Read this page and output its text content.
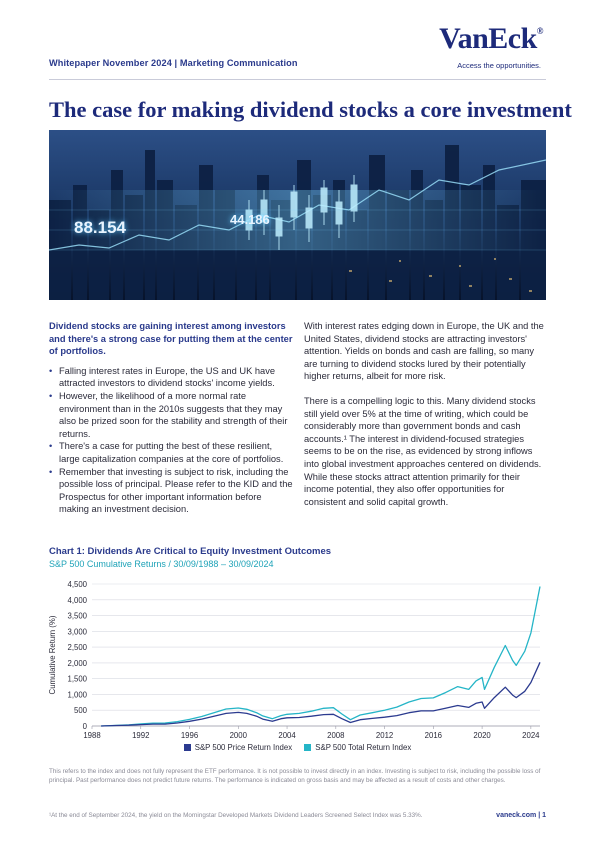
Whitepaper November 2024 | Marketing Communication
VanEck®
Access the opportunities.
The case for making dividend stocks a core investment
88.154	44.186

Dividend stocks are gaining interest among investors and there's a strong case for putting them at the center of portfolios.

• Falling interest rates in Europe, the US and UK have attracted investors to dividend stocks' income yields.
• However, the likelihood of a more normal rate environment than in the 2010s suggests that they may also be prized soon for the stability and strength of their returns.
• There's a case for putting the best of these resilient, large capitalization companies at the core of portfolios.
• Remember that investing is subject to risk, including the possible loss of principal. Please refer to the KID and the Prospectus for other important information before making an investment decision.

With interest rates edging down in Europe, the UK and the United States, dividend stocks are attracting investors' attention. Yields on bonds and cash are falling, so many are turning to dividend stocks lured by their potentially higher returns, albeit for more risk.

There is a compelling logic to this. Many dividend stocks still yield over 5% at the time of writing, which could be considerably more than government bonds and cash accounts.¹ The interest in dividend-focused strategies seems to be on the rise, as evidenced by strong inflows into global investment approaches centered on dividends. While these stocks attract attention primarily for their income potential, they also offer opportunities for consistent and solid capital growth.

Chart 1: Dividends Are Critical to Equity Investment Outcomes
S&P 500 Cumulative Returns / 30/09/1988 – 30/09/2024
0
500
1,000
1,500
2,000
2,500
3,000
3,500
4,000
4,500
1988	1992	1996	2000	2004	2008	2012	2016	2020	2024
Cumulative Return (%)
S&P 500 Price Return Index
	S&P 500 Total Return Index
This refers to the index and does not fully represent the ETF performance. It is not possible to invest directly in an index. Investing is subject to risk, including the possible loss of principal. Past performance does not predict future returns. The performance is indicated on gross basis and may be affected as a result of costs and other charges.
¹At the end of September 2024, the yield on the Morningstar Developed Markets Dividend Leaders Screened Select Index was 5.33%.	vaneck.com | 1
